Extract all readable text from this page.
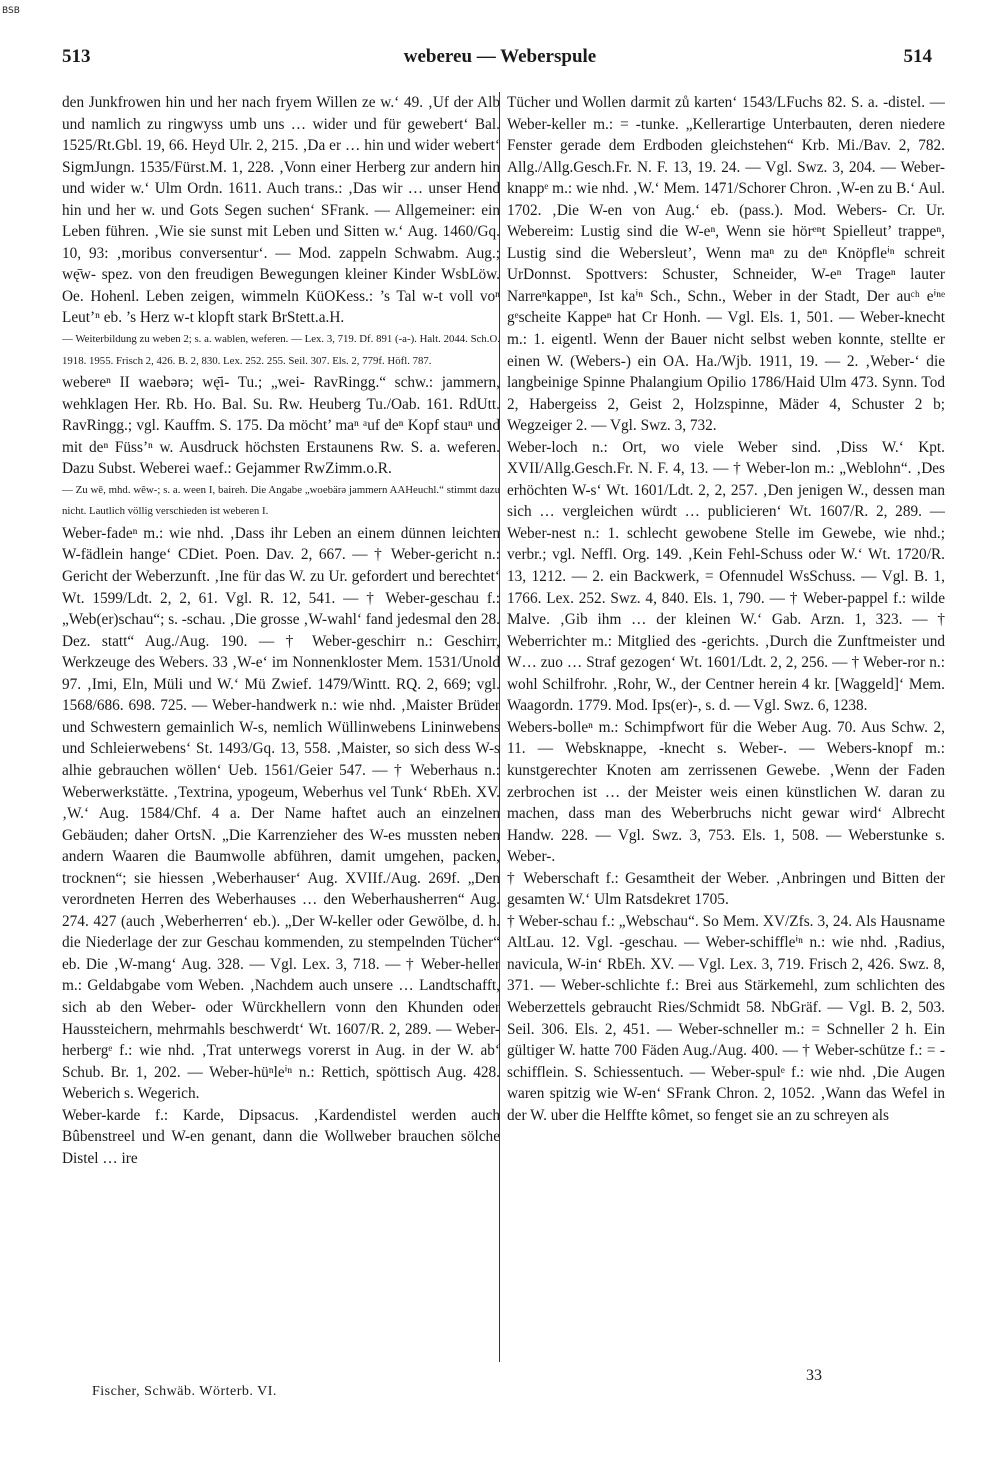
BSB
513	webereu — Weberspule	514

den Junkfrowen hin und her nach fryem Willen ze w.‘ 49. ‚Uf der Alb und namlich zu ringwyss umb uns … wider und für gewebert‘ Bal. 1525/Rt.Gbl. 19, 66. Heyd Ulr. 2, 215. ‚Da er … hin und wider webert‘ SigmJungn. 1535/Fürst.M. 1, 228. ‚Vonn einer Herberg zur andern hin und wider w.‘ Ulm Ordn. 1611. Auch trans.: ‚Das wir … unser Hend hin und her w. und Gots Segen suchen‘ SFrank. — Allgemeiner: ein Leben führen. ‚Wie sie sunst mit Leben und Sitten w.‘ Aug. 1460/Gq. 10, 93: ‚moribus conversentur‘. — Mod. zappeln Schwabm. Aug.; wę̄w- spez. von den freudigen Bewegungen kleiner Kinder WsbLöw. Oe. Hohenl. Leben zeigen, wimmeln KüOKess.: ’s Tal w-t voll voⁿ Leut’ⁿ eb. ’s Herz w-t klopft stark BrStett.a.H.

— Weiterbildung zu weben 2; s. a. wablen, weferen. — Lex. 3, 719. Df. 891 (-a-). Halt. 2044. Sch.O. 1918. 1955. Frisch 2, 426. B. 2, 830. Lex. 252. 255. Seil. 307. Els. 2, 779f. Höfl. 787.

webereⁿ II waebərə; wę̄i- Tu.; „wei- RavRingg.“ schw.: jammern, wehklagen Her. Rb. Ho. Bal. Su. Rw. Heuberg Tu./Oab. 161. RdUtt. RavRingg.; vgl. Kauffm. S. 175. Da möcht’ maⁿ ᵃuf deⁿ Kopf stauⁿ und mit deⁿ Füss’ⁿ w. Ausdruck höchsten Erstaunens Rw. S. a. weferen. Dazu Subst. Weberei waef.: Gejammer RwZimm.o.R.

— Zu wē, mhd. wêw-; s. a. ween I, baireh. Die Angabe „woebärə jammern AAHeuchl.“ stimmt dazu nicht. Lautlich völlig verschieden ist weberen I.

Weber-fadeⁿ m.: wie nhd. ‚Dass ihr Leben an einem dünnen leichten W-fädlein hange‘ CDiet. Poen. Dav. 2, 667. — † Weber-gericht n.: Gericht der Weberzunft. ‚Ine für das W. zu Ur. gefordert und berechtet‘ Wt. 1599/Ldt. 2, 2, 61. Vgl. R. 12, 541. — † Weber-geschau f.: „Web(er)schau“; s. -schau. ‚Die grosse ‚W-wahl‘ fand jedesmal den 28. Dez. statt“ Aug./Aug. 190. — † Weber-geschirr n.: Geschirr, Werkzeuge des Webers. 33 ‚W-e‘ im Nonnenkloster Mem. 1531/Unold 97. ‚Imi, Eln, Müli und W.‘ Mü Zwief. 1479/Wintt. RQ. 2, 669; vgl. 1568/686. 698. 725. — Weber-handwerk n.: wie nhd. ‚Maister Brüder und Schwestern gemainlich W-s, nemlich Wüllinwebens Lininwebens und Schleierwebens‘ St. 1493/Gq. 13, 558. ‚Maister, so sich dess W-s alhie gebrauchen wöllen‘ Ueb. 1561/Geier 547. — † Weberhaus n.: Weberwerkstätte. ‚Textrina, ypogeum, Weberhus vel Tunk‘ RbEh. XV. ‚W.‘ Aug. 1584/Chf. 4 a. Der Name haftet auch an einzelnen Gebäuden; daher OrtsN. „Die Karrenzieher des W-es mussten neben andern Waaren die Baumwolle abführen, damit umgehen, packen, trocknen“; sie hiessen ‚Weberhauser‘ Aug. XVIIf./Aug. 269f. „Den verordneten Herren des Weberhauses … den Weberhausherren“ Aug. 274. 427 (auch ‚Weberherren‘ eb.). „Der W-keller oder Gewölbe, d. h. die Niederlage der zur Geschau kommenden, zu stempelnden Tücher“ eb. Die ‚W-mang‘ Aug. 328. — Vgl. Lex. 3, 718. — † Weber-heller m.: Geldabgabe vom Weben. ‚Nachdem auch unsere … Landtschafft, sich ab den Weber- oder Würckhellern vonn den Khunden oder Haussteichern, mehrmahls beschwerdt‘ Wt. 1607/R. 2, 289. — Weber-herbergᵉ f.: wie nhd. ‚Trat unterwegs vorerst in Aug. in der W. ab‘ Schub. Br. 1, 202. — Weber-hüⁿleⁱⁿ n.: Rettich, spöttisch Aug. 428. Weberich s. Wegerich.

Weber-karde f.: Karde, Dipsacus. ‚Kardendistel werden auch Bûbenstreel und W-en genant, dann die Wollweber brauchen sölche Distel … ire

Tücher und Wollen darmit zů karten‘ 1543/LFuchs 82. S. a. -distel. — Weber-keller m.: = -tunke. „Kellerartige Unterbauten, deren niedere Fenster gerade dem Erdboden gleichstehen“ Krb. Mi./Bav. 2, 782. Allg./Allg.Gesch.Fr. N. F. 13, 19. 24. — Vgl. Swz. 3, 204. — Weber-knappᵉ m.: wie nhd. ‚W.‘ Mem. 1471/Schorer Chron. ‚W-en zu B.‘ Aul. 1702. ‚Die W-en von Aug.‘ eb. (pass.). Mod. Webers- Cr. Ur. Webereim: Lustig sind die W-eⁿ, Wenn sie hörᵉⁿt Spielleut’ trappeⁿ, Lustig sind die Webersleut’, Wenn maⁿ zu deⁿ Knöpfleⁱⁿ schreit UrDonnst. Spottvers: Schuster, Schneider, W-eⁿ Trageⁿ lauter Narreⁿkappeⁿ, Ist kaⁱⁿ Sch., Schn., Weber in der Stadt, Der auᶜʰ eⁱⁿᵉ gᵉscheite Kappeⁿ hat Cr Honh. — Vgl. Els. 1, 501. — Weber-knecht m.: 1. eigentl. Wenn der Bauer nicht selbst weben konnte, stellte er einen W. (Webers-) ein OA. Ha./Wjb. 1911, 19. — 2. ‚Weber-‘ die langbeinige Spinne Phalangium Opilio 1786/Haid Ulm 473. Synn. Tod 2, Habergeiss 2, Geist 2, Holzspinne, Mäder 4, Schuster 2 b; Wegzeiger 2. — Vgl. Swz. 3, 732.

Weber-loch n.: Ort, wo viele Weber sind. ‚Diss W.‘ Kpt. XVII/Allg.Gesch.Fr. N. F. 4, 13. — † Weber-lon m.: „Weblohn“. ‚Des erhöchten W-s‘ Wt. 1601/Ldt. 2, 2, 257. ‚Den jenigen W., dessen man sich … vergleichen würdt … publicieren‘ Wt. 1607/R. 2, 289. — Weber-nest n.: 1. schlecht gewobene Stelle im Gewebe, wie nhd.; verbr.; vgl. Neffl. Org. 149. ‚Kein Fehl-Schuss oder W.‘ Wt. 1720/R. 13, 1212. — 2. ein Backwerk, = Ofennudel WsSchuss. — Vgl. B. 1, 1766. Lex. 252. Swz. 4, 840. Els. 1, 790. — † Weber-pappel f.: wilde Malve. ‚Gib ihm … der kleinen W.‘ Gab. Arzn. 1, 323. — † Weberrichter m.: Mitglied des -gerichts. ‚Durch die Zunftmeister und W… zuo … Straf gezogen‘ Wt. 1601/Ldt. 2, 2, 256. — † Weber-ror n.: wohl Schilfrohr. ‚Rohr, W., der Centner herein 4 kr. [Waggeld]‘ Mem. Waagordn. 1779. Mod. Ips(er)-, s. d. — Vgl. Swz. 6, 1238.

Webers-bolleⁿ m.: Schimpfwort für die Weber Aug. 70. Aus Schw. 2, 11. — Websknappe, -knecht s. Weber-. — Webers-knopf m.: kunstgerechter Knoten am zerrissenen Gewebe. ‚Wenn der Faden zerbrochen ist … der Meister weis einen künstlichen W. daran zu machen, dass man des Weberbruchs nicht gewar wird‘ Albrecht Handw. 228. — Vgl. Swz. 3, 753. Els. 1, 508. — Weberstunke s. Weber-.

† Weberschaft f.: Gesamtheit der Weber. ‚Anbringen und Bitten der gesamten W.‘ Ulm Ratsdekret 1705.

† Weber-schau f.: „Webschau“. So Mem. XV/Zfs. 3, 24. Als Hausname AltLau. 12. Vgl. -geschau. — Weber-schiffleⁱⁿ n.: wie nhd. ‚Radius, navicula, W-in‘ RbEh. XV. — Vgl. Lex. 3, 719. Frisch 2, 426. Swz. 8, 371. — Weber-schlichte f.: Brei aus Stärkemehl, zum schlichten des Weberzettels gebraucht Ries/Schmidt 58. NbGräf. — Vgl. B. 2, 503. Seil. 306. Els. 2, 451. — Weber-schneller m.: = Schneller 2 h. Ein gültiger W. hatte 700 Fäden Aug./Aug. 400. — † Weber-schütze f.: = -schifflein. S. Schiessentuch. — Weber-spulᵉ f.: wie nhd. ‚Die Augen waren spitzig wie W-en‘ SFrank Chron. 2, 1052. ‚Wann das Wefel in der W. uber die Helffte kômet, so fenget sie an zu schreyen als

Fischer, Schwäb. Wörterb. VI.
33
